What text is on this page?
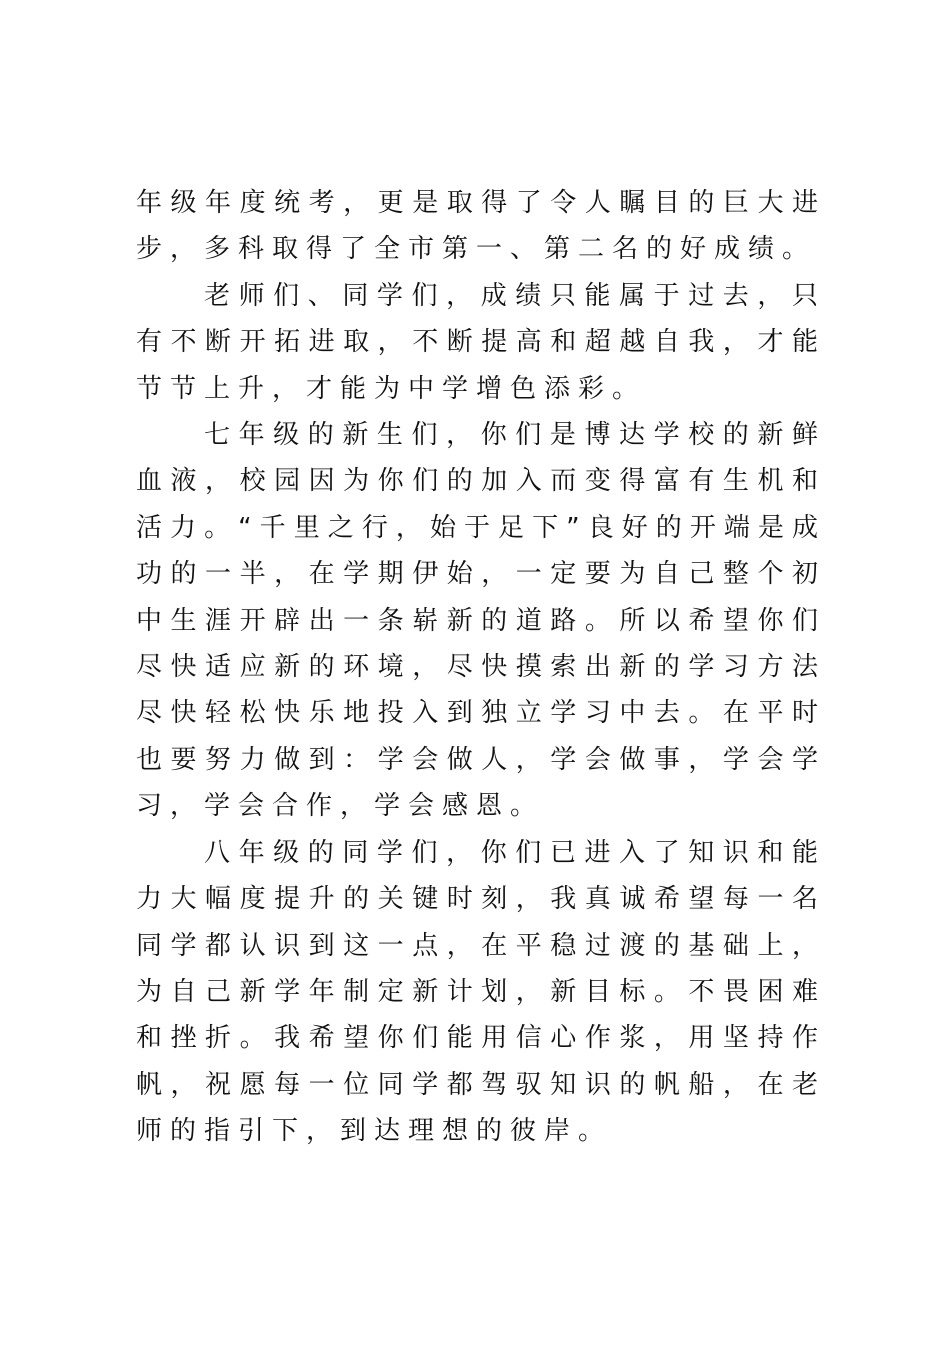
年级年度统考，更是取得了令人瞩目的巨大进步，多科取得了全市第一、第二名的好成绩。

老师们、同学们，成绩只能属于过去，只有不断开拓进取，不断提高和超越自我，才能节节上升，才能为中学增色添彩。

七年级的新生们，你们是博达学校的新鲜血液，校园因为你们的加入而变得富有生机和活力。“千里之行，始于足下”良好的开端是成功的一半，在学期伊始，一定要为自己整个初中生涯开辟出一条崭新的道路。所以希望你们尽快适应新的环境，尽快摸索出新的学习方法尽快轻松快乐地投入到独立学习中去。在平时也要努力做到：学会做人，学会做事，学会学习，学会合作，学会感恩。

八年级的同学们，你们已进入了知识和能力大幅度提升的关键时刻，我真诚希望每一名同学都认识到这一点，在平稳过渡的基础上，为自己新学年制定新计划，新目标。不畏困难和挫折。我希望你们能用信心作浆，用坚持作帆，祝愿每一位同学都驾驭知识的帆船，在老师的指引下，到达理想的彼岸。
